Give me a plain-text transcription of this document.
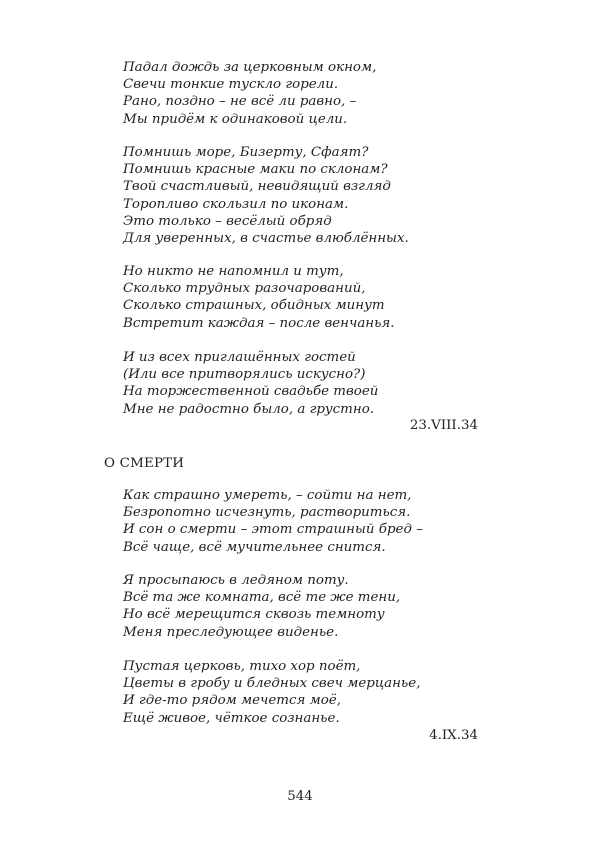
Падал дождь за церковным окном,
Свечи тонкие тускло горели.
Рано, поздно – не всё ли равно, –
Мы придём к одинаковой цели.
Помнишь море, Бизерту, Сфаят?
Помнишь красные маки по склонам?
Твой счастливый, невидящий взгляд
Торопливо скользил по иконам.
Это только – весёлый обряд
Для уверенных, в счастье влюблённых.
Но никто не напомнил и тут,
Сколько трудных разочарований,
Сколько страшных, обидных минут
Встретит каждая – после венчанья.
И из всех приглашённых гостей
(Или все притворялись искусно?)
На торжественной свадьбе твоей
Мне не радостно было, а грустно.
23.VIII.34
О СМЕРТИ
Как страшно умереть, – сойти на нет,
Безропотно исчезнуть, раствориться.
И сон о смерти – этот страшный бред –
Всё чаще, всё мучительнее снится.
Я просыпаюсь в ледяном поту.
Всё та же комната, всё те же тени,
Но всё мерещится сквозь темноту
Меня преследующее виденье.
Пустая церковь, тихо хор поёт,
Цветы в гробу и бледных свеч мерцанье,
И где-то рядом мечется моё,
Ещё живое, чёткое сознанье.
4.IX.34
544
